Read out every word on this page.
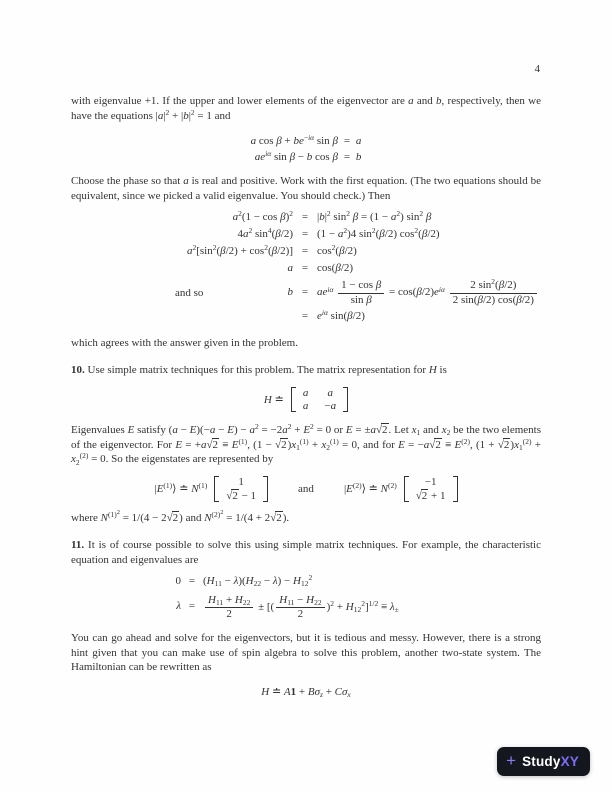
4
with eigenvalue +1. If the upper and lower elements of the eigenvector are a and b, respectively, then we have the equations $|a|^2 + |b|^2 = 1$ and
a $\cos \beta + be^{-i\alpha}$ sin β = a
$ae^{i\alpha}$ sin β − b cos β = b
Choose the phase so that a is real and positive. Work with the first equation. (The two equations should be equivalent, since we picked a valid eigenvalue. You should check.) Then
$a^2(1 - \cos \beta)^2 = |b|^2$ $\sin^2 \beta = (1 - a^2)$ $\sin^2 \beta$
$4a^2$ $\sin^4(\beta/2) = (1 - a^2)4$ $\sin^2(\beta/2)$ $\cos^2(\beta/2)$
$a^2[\sin^2(\beta/2) + \cos^2(\beta/2)] = \cos^2(\beta/2)$
a = cos(β/2)
and so	$b = ae^{i\alpha} \frac{\text{1 − cos β}}{\text{sin β}} = \cos(\beta/2)e^{i\alpha} \frac{2 \sin^2(\beta/2)}{2 \sin(\beta/2) \cos(\beta/2)}$
= $e^{i\alpha}$ sin(β/2)
which agrees with the answer given in the problem.
10. Use simple matrix techniques for this problem. The matrix representation for H is
H ≐
a a
a −a
Eigenvalues E satisfy $(a - E)(-a - E) - a^2 = -2a^2 + E^2 = 0$ or E = ±a√2. Let $x_1$ and $x_2$ be the two elements of the eigenvector. For $E = +a√2 \equiv E^{(1)}$, $(1 - √2)x_1^{(1)} + x_2^{(1)} = 0$, and for $E = -a√2 \equiv E^{(2)}$, $(1 + √2)x_1^{(2)} + x_2^{(2)} = 0$. So the eigenstates are represented by
$|E^{(1)}⟩$ ≐ $N^{(1)}$	1
√2 − 1
and	$|E^{(2)}⟩$ ≐ $N^{(2)}$	−1
√2 + 1
where $N^{(1)^2} = 1/(4 - 2√2)$ and $N^{(2)^2} = 1/(4 + 2√2)$.
11. It is of course possible to solve this using simple matrix techniques. For example, the characteristic equation and eigenvalues are
$0 = (H_{11} - \lambda)(H_{22} - \lambda) - H_{12}^2$
$\lambda = \frac{H_{11} + H_{22}}{2}$ ± [( $\frac{H_{11} - H_{22}}{2} )^2 + H_{12}^2]^{1/2} \equiv \lambda_\pm$
You can go ahead and solve for the eigenvectors, but it is tedious and messy. However, there is a strong hint given that you can make use of spin algebra to solve this problem, another two-state system. The Hamiltonian can be rewritten as
H ≐ $A1 + B\sigma_z + C\sigma_x$
+ StudyXY
